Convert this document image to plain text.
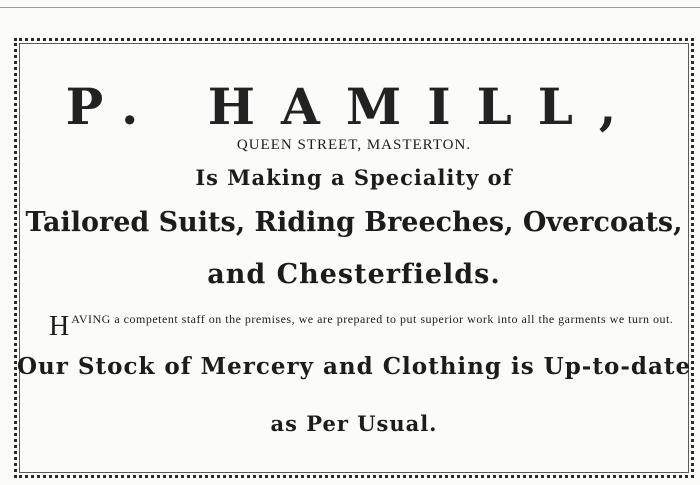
P. HAMILL,
QUEEN STREET, MASTERTON.
Is Making a Speciality of
Tailored Suits, Riding Breeches, Overcoats,
and Chesterfields.
H AVING a competent staff on the premises, we are prepared to put superior work into all the garments we turn out.
Our Stock of Mercery and Clothing is Up-to-date
as Per Usual.
